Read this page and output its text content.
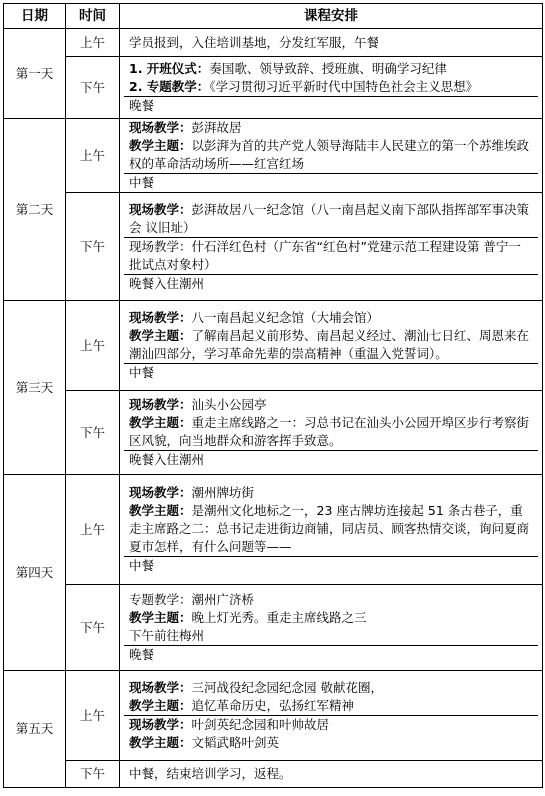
日期	时间	课程安排
第一天	上午	学员报到，入住培训基地，分发红军服，午餐

	下午	1. 开班仪式：奏国歌、领导致辞、授班旗、明确学习纪律
2. 专题教学：《学习贯彻习近平新时代中国特色社会主义思想》
晚餐

第二天	上午	现场教学：彭湃故居
教学主题：以彭湃为首的共产党人领导海陆丰人民建立的第一个苏维埃政权的革命活动场所——红宫红场
中餐

	下午	现场教学：彭湃故居八一纪念馆（八一南昌起义南下部队指挥部军事决策会 议旧址）
现场教学：什石洋红色村（广东省“红色村”党建示范工程建设第 普宁一批试点对象村）
晚餐入住潮州

第三天	上午	现场教学：八一南昌起义纪念馆（大埔会馆）
教学主题：了解南昌起义前形势、南昌起义经过、潮汕七日红、周恩来在潮汕四部分，学习革命先辈的崇高精神（重温入党誓词）。
中餐

	下午	现场教学：汕头小公园亭
教学主题：重走主席线路之一：习总书记在汕头小公园开埠区步行考察街区风貌，向当地群众和游客挥手致意。
晚餐入住潮州

第四天	上午	现场教学：潮州牌坊街
教学主题：是潮州文化地标之一，23 座古牌坊连接起 51 条古巷子，重走主席路之二：总书记走进街边商铺，同店员、顾客热情交谈，询问夏商夏市怎样，有什么问题等——
中餐

	下午	专题教学：潮州广济桥
教学主题：晚上灯光秀。重走主席线路之三
下午前往梅州
晚餐

第五天	上午	现场教学：三河战役纪念园纪念园 敬献花圈，
教学主题：追忆革命历史，弘扬红军精神
现场教学：叶剑英纪念园和叶帅故居
教学主题：文韬武略叶剑英

	下午	中餐，结束培训学习，返程。
